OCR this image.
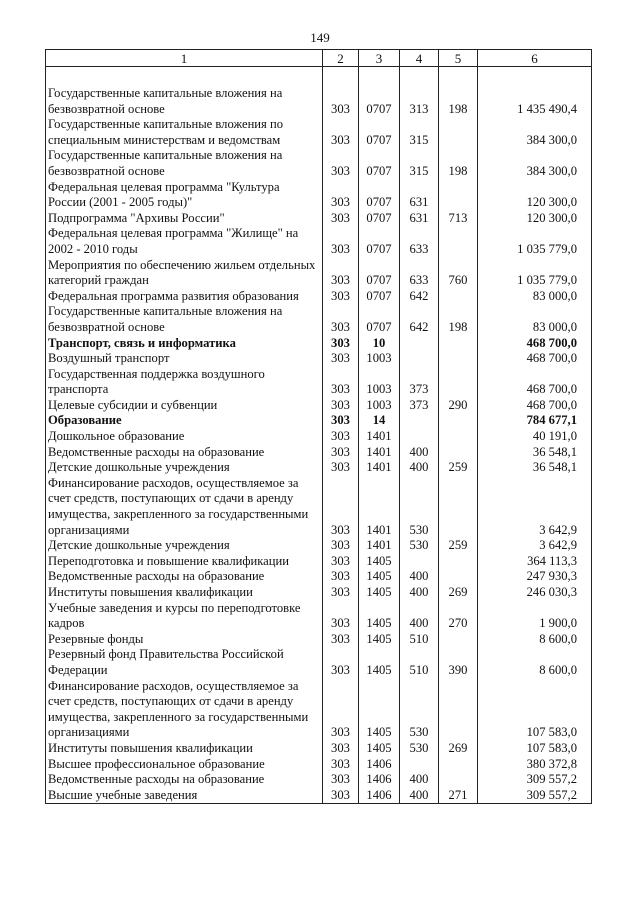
149
1	2	3	4	5	6

Государственные капитальные вложения на безвозвратной основе	303	0707	313	198	1 435 490,4
Государственные капитальные вложения по специальным министерствам и ведомствам	303	0707	315		384 300,0
Государственные капитальные вложения на безвозвратной основе	303	0707	315	198	384 300,0
Федеральная целевая программа "Культура России (2001 - 2005 годы)"	303	0707	631		120 300,0
Подпрограмма "Архивы России"	303	0707	631	713	120 300,0
Федеральная целевая программа "Жилище" на 2002 - 2010 годы	303	0707	633		1 035 779,0
Мероприятия по обеспечению жильем отдельных категорий граждан	303	0707	633	760	1 035 779,0
Федеральная программа развития образования	303	0707	642		83 000,0
Государственные капитальные вложения на безвозвратной основе	303	0707	642	198	83 000,0
Транспорт, связь и информатика	303	10			468 700,0
Воздушный транспорт	303	1003			468 700,0
Государственная поддержка воздушного транспорта	303	1003	373		468 700,0
Целевые субсидии и субвенции	303	1003	373	290	468 700,0
Образование	303	14			784 677,1
Дошкольное образование	303	1401			40 191,0
Ведомственные расходы на образование	303	1401	400		36 548,1
Детские дошкольные учреждения	303	1401	400	259	36 548,1
Финансирование расходов, осуществляемое за счет средств, поступающих от сдачи в аренду имущества, закрепленного за государственными организациями	303	1401	530		3 642,9
Детские дошкольные учреждения	303	1401	530	259	3 642,9
Переподготовка и повышение квалификации	303	1405			364 113,3
Ведомственные расходы на образование	303	1405	400		247 930,3
Институты повышения квалификации	303	1405	400	269	246 030,3
Учебные заведения и курсы по переподготовке кадров	303	1405	400	270	1 900,0
Резервные фонды	303	1405	510		8 600,0
Резервный фонд Правительства Российской Федерации	303	1405	510	390	8 600,0
Финансирование расходов, осуществляемое за счет средств, поступающих от сдачи в аренду имущества, закрепленного за государственными организациями	303	1405	530		107 583,0
Институты повышения квалификации	303	1405	530	269	107 583,0
Высшее профессиональное образование	303	1406			380 372,8
Ведомственные расходы на образование	303	1406	400		309 557,2
Высшие учебные заведения	303	1406	400	271	309 557,2
